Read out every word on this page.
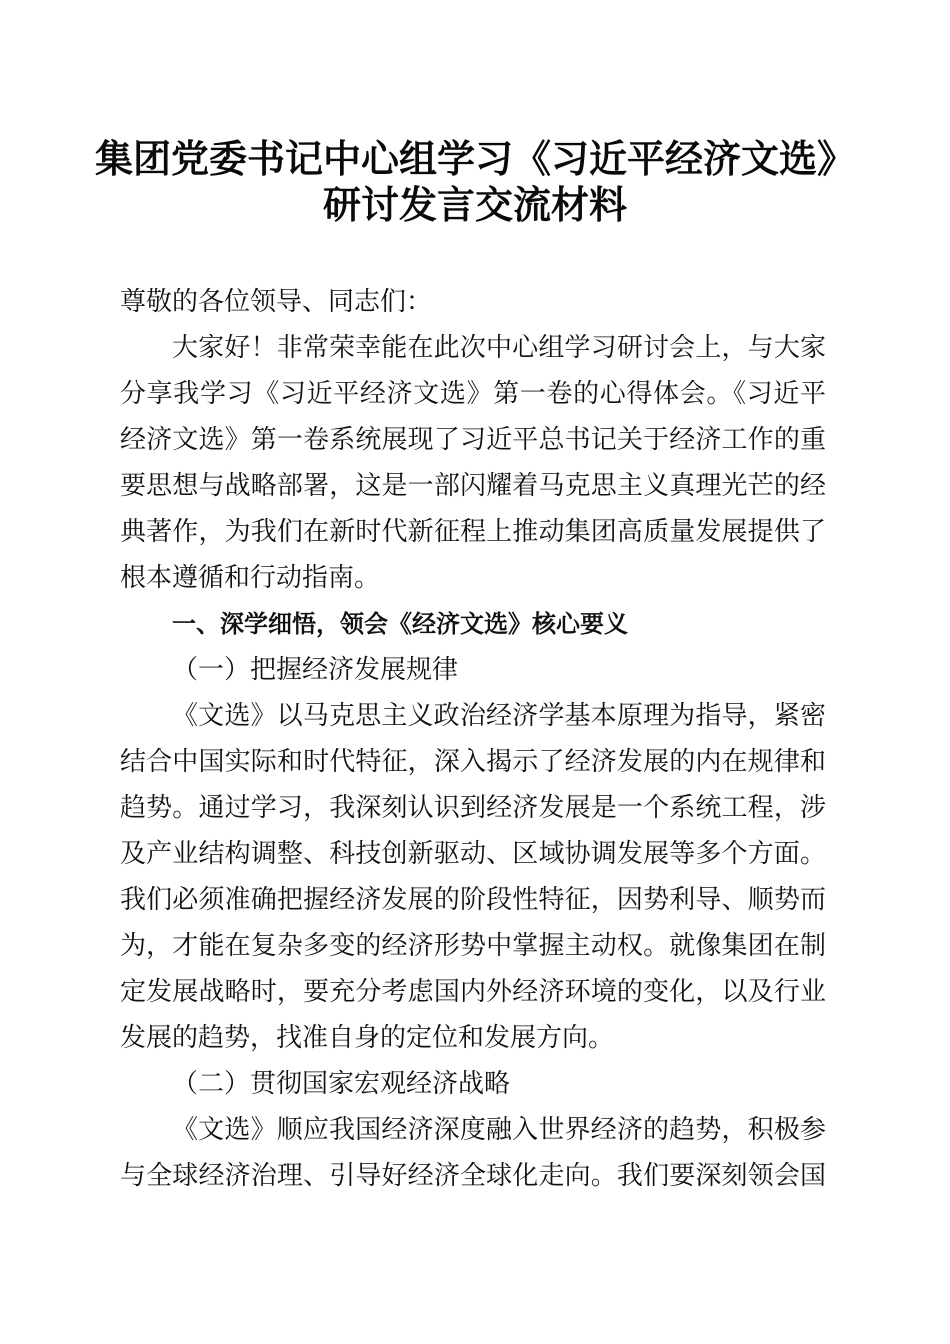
集团党委书记中心组学习《习近平经济文选》
研讨发言交流材料
尊敬的各位领导、同志们：
大家好！非常荣幸能在此次中心组学习研讨会上，与大家
分享我学习《习近平经济文选》第一卷的心得体会。《习近平
经济文选》第一卷系统展现了习近平总书记关于经济工作的重
要思想与战略部署，这是一部闪耀着马克思主义真理光芒的经
典著作，为我们在新时代新征程上推动集团高质量发展提供了
根本遵循和行动指南。
一、深学细悟，领会《经济文选》核心要义
（一）把握经济发展规律
《文选》以马克思主义政治经济学基本原理为指导，紧密
结合中国实际和时代特征，深入揭示了经济发展的内在规律和
趋势。通过学习，我深刻认识到经济发展是一个系统工程，涉
及产业结构调整、科技创新驱动、区域协调发展等多个方面。
我们必须准确把握经济发展的阶段性特征，因势利导、顺势而
为，才能在复杂多变的经济形势中掌握主动权。就像集团在制
定发展战略时，要充分考虑国内外经济环境的变化，以及行业
发展的趋势，找准自身的定位和发展方向。
（二）贯彻国家宏观经济战略
《文选》顺应我国经济深度融入世界经济的趋势，积极参
与全球经济治理、引导好经济全球化走向。我们要深刻领会国
